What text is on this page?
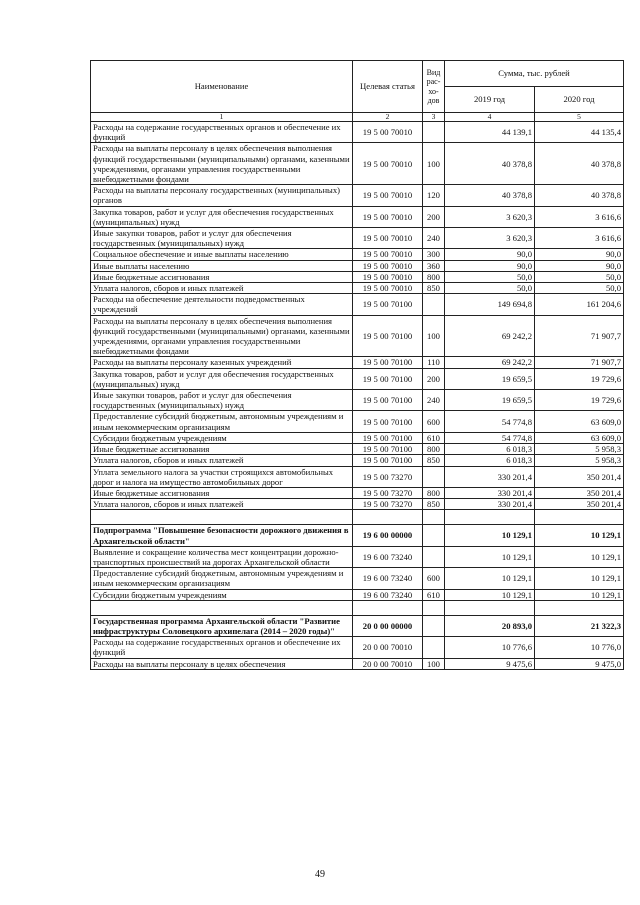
Наименование	Целевая статья	Вид
рас-
хо-
дов	Сумма, тыс. рублей	
			2019 год	2020 год
1	2	3	4	5
Расходы на содержание государственных органов и обеспечение их функций	19 5 00 70010		44 139,1	44 135,4
Расходы на выплаты персоналу в целях обеспечения выполнения функций государственными (муниципальными) органами, казенными учреждениями, органами управления государственными внебюджетными фондами	19 5 00 70010	100	40 378,8	40 378,8
Расходы на выплаты персоналу государственных (муниципальных) органов	19 5 00 70010	120	40 378,8	40 378,8
Закупка товаров, работ и услуг для обеспечения государственных (муниципальных) нужд	19 5 00 70010	200	3 620,3	3 616,6
Иные закупки товаров, работ и услуг для обеспечения государственных (муниципальных) нужд	19 5 00 70010	240	3 620,3	3 616,6
Социальное обеспечение и иные выплаты населению	19 5 00 70010	300	90,0	90,0
Иные выплаты населению	19 5 00 70010	360	90,0	90,0
Иные бюджетные ассигнования	19 5 00 70010	800	50,0	50,0
Уплата налогов, сборов и иных платежей	19 5 00 70010	850	50,0	50,0
Расходы на обеспечение деятельности подведомственных учреждений	19 5 00 70100		149 694,8	161 204,6
Расходы на выплаты персоналу в целях обеспечения выполнения функций государственными (муниципальными) органами, казенными учреждениями, органами управления государственными внебюджетными фондами	19 5 00 70100	100	69 242,2	71 907,7
Расходы на выплаты персоналу казенных учреждений	19 5 00 70100	110	69 242,2	71 907,7
Закупка товаров, работ и услуг для обеспечения государственных (муниципальных) нужд	19 5 00 70100	200	19 659,5	19 729,6
Иные закупки товаров, работ и услуг для обеспечения государственных (муниципальных) нужд	19 5 00 70100	240	19 659,5	19 729,6
Предоставление субсидий бюджетным, автономным учреждениям и иным некоммерческим организациям	19 5 00 70100	600	54 774,8	63 609,0
Субсидии бюджетным учреждениям	19 5 00 70100	610	54 774,8	63 609,0
Иные бюджетные ассигнования	19 5 00 70100	800	6 018,3	5 958,3
Уплата налогов, сборов и иных платежей	19 5 00 70100	850	6 018,3	5 958,3
Уплата земельного налога за участки строящихся автомобильных дорог и налога на имущество автомобильных дорог	19 5 00 73270		330 201,4	350 201,4
Иные бюджетные ассигнования	19 5 00 73270	800	330 201,4	350 201,4
Уплата налогов, сборов и иных платежей	19 5 00 73270	850	330 201,4	350 201,4

Подпрограмма "Повышение безопасности дорожного движения в Архангельской области"	19 6 00 00000		10 129,1	10 129,1
Выявление и сокращение количества мест концентрации дорожно-транспортных происшествий на дорогах Архангельской области	19 6 00 73240		10 129,1	10 129,1
Предоставление субсидий бюджетным, автономным учреждениям и иным некоммерческим организациям	19 6 00 73240	600	10 129,1	10 129,1
Субсидии бюджетным учреждениям	19 6 00 73240	610	10 129,1	10 129,1

Государственная программа Архангельской области "Развитие инфраструктуры Соловецкого архипелага (2014 – 2020 годы)"	20 0 00 00000		20 893,0	21 322,3
Расходы на содержание государственных органов и обеспечение их функций	20 0 00 70010		10 776,6	10 776,0
Расходы на выплаты персоналу в целях обеспечения	20 0 00 70010	100	9 475,6	9 475,0
49
